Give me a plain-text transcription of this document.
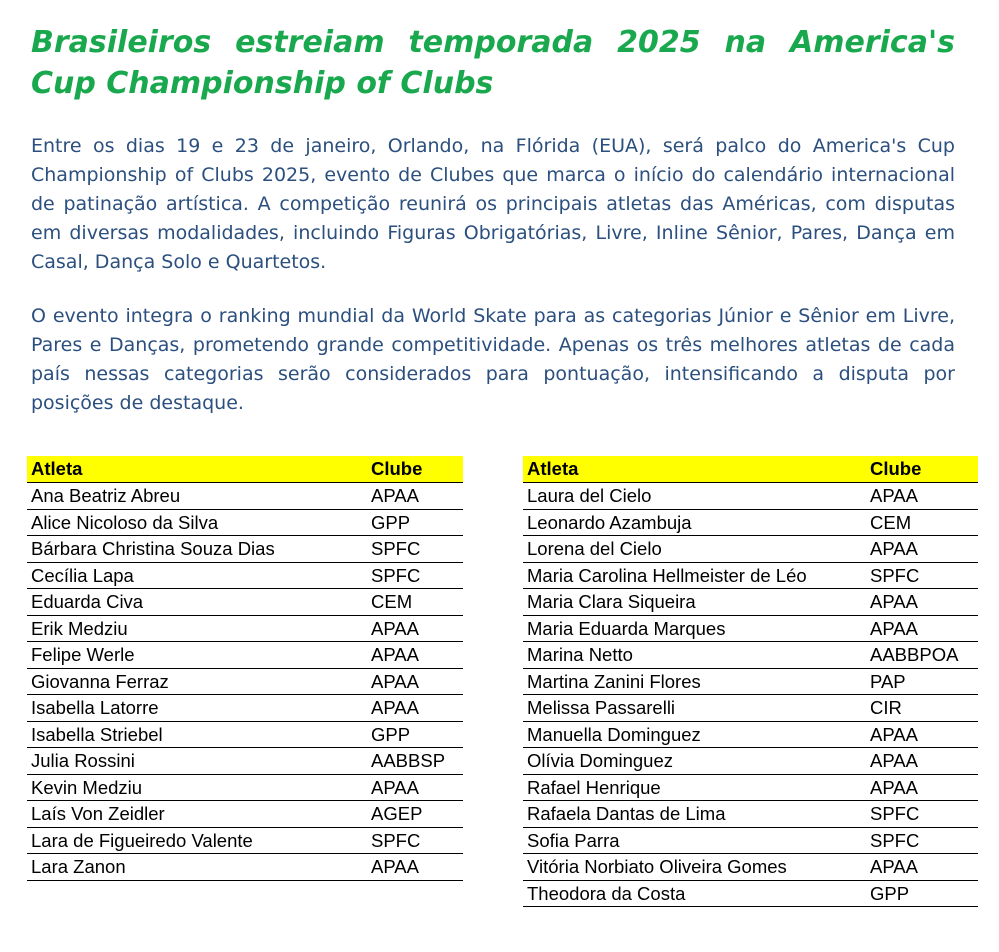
Brasileiros estreiam temporada 2025 na America's Cup Championship of Clubs

Entre os dias 19 e 23 de janeiro, Orlando, na Flórida (EUA), será palco do America's Cup Championship of Clubs 2025, evento de Clubes que marca o início do calendário internacional de patinação artística. A competição reunirá os principais atletas das Américas, com disputas em diversas modalidades, incluindo Figuras Obrigatórias, Livre, Inline Sênior, Pares, Dança em Casal, Dança Solo e Quartetos.

O evento integra o ranking mundial da World Skate para as categorias Júnior e Sênior em Livre, Pares e Danças, prometendo grande competitividade. Apenas os três melhores atletas de cada país nessas categorias serão considerados para pontuação, intensificando a disputa por posições de destaque.

Atleta	Clube
Ana Beatriz Abreu	APAA
Alice Nicoloso da Silva	GPP
Bárbara Christina Souza Dias	SPFC
Cecília Lapa	SPFC
Eduarda Civa	CEM
Erik Medziu	APAA
Felipe Werle	APAA
Giovanna Ferraz	APAA
Isabella Latorre	APAA
Isabella Striebel	GPP
Julia Rossini	AABBSP
Kevin Medziu	APAA
Laís Von Zeidler	AGEP
Lara de Figueiredo Valente	SPFC
Lara Zanon	APAA
Atleta	Clube
Laura del Cielo	APAA
Leonardo Azambuja	CEM
Lorena del Cielo	APAA
Maria Carolina Hellmeister de Léo	SPFC
Maria Clara Siqueira	APAA
Maria Eduarda Marques	APAA
Marina Netto	AABBPOA
Martina Zanini Flores	PAP
Melissa Passarelli	CIR
Manuella Dominguez	APAA
Olívia Dominguez	APAA
Rafael Henrique	APAA
Rafaela Dantas de Lima	SPFC
Sofia Parra	SPFC
Vitória Norbiato Oliveira Gomes	APAA
Theodora da Costa	GPP
